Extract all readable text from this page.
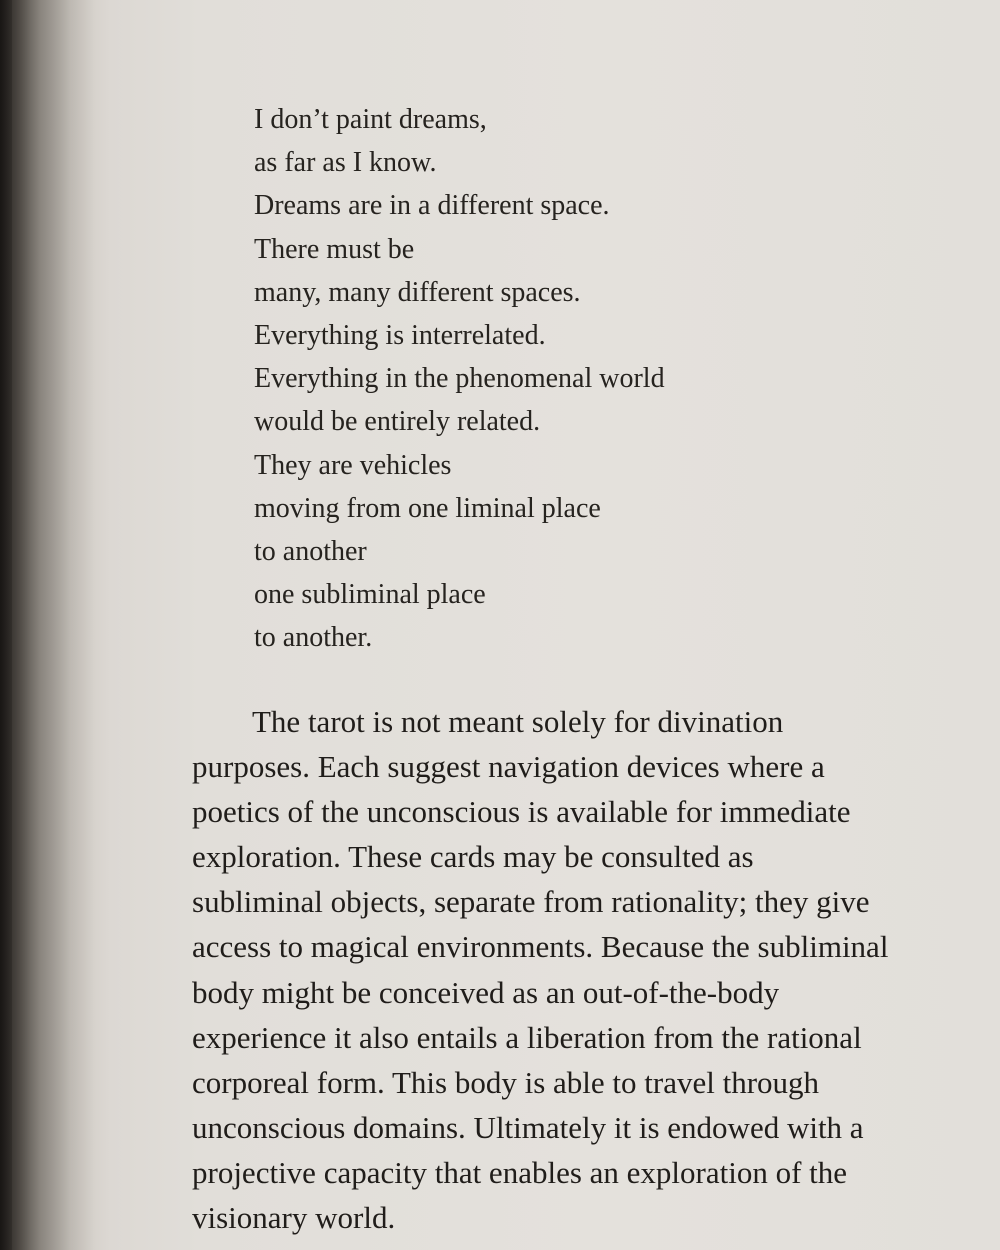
I don’t paint dreams,
as far as I know.
Dreams are in a different space.
There must be
many, many different spaces.
Everything is interrelated.
Everything in the phenomenal world
would be entirely related.
They are vehicles
moving from one liminal place
to another
one subliminal place
to another.
The tarot is not meant solely for divination
purposes. Each suggest navigation devices where a
poetics of the unconscious is available for immediate
exploration. These cards may be consulted as
subliminal objects, separate from rationality; they give
access to magical environments. Because the subliminal
body might be conceived as an out-of-the-body
experience it also entails a liberation from the rational
corporeal form. This body is able to travel through
unconscious domains. Ultimately it is endowed with a
projective capacity that enables an exploration of the
visionary world.
